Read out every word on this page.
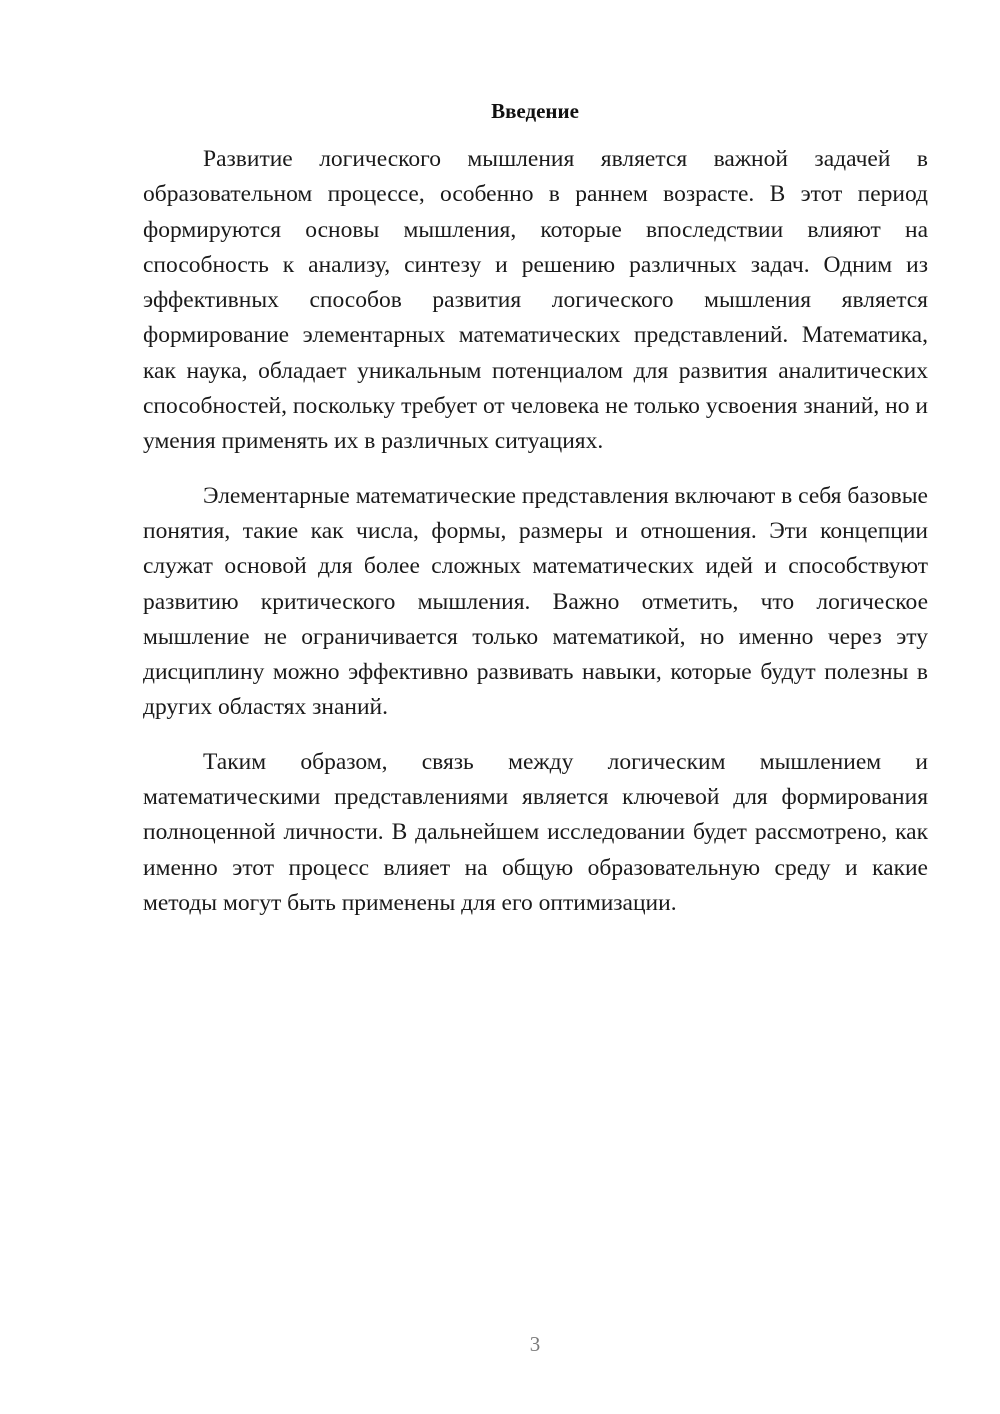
Введение

Развитие логического мышления является важной задачей в образовательном процессе, особенно в раннем возрасте. В этот период формируются основы мышления, которые впоследствии влияют на способность к анализу, синтезу и решению различных задач. Одним из эффективных способов развития логического мышления является формирование элементарных математических представлений. Математика, как наука, обладает уникальным потенциалом для развития аналитических способностей, поскольку требует от человека не только усвоения знаний, но и умения применять их в различных ситуациях.

Элементарные математические представления включают в себя базовые понятия, такие как числа, формы, размеры и отношения. Эти концепции служат основой для более сложных математических идей и способствуют развитию критического мышления. Важно отметить, что логическое мышление не ограничивается только математикой, но именно через эту дисциплину можно эффективно развивать навыки, которые будут полезны в других областях знаний.

Таким образом, связь между логическим мышлением и математическими представлениями является ключевой для формирования полноценной личности. В дальнейшем исследовании будет рассмотрено, как именно этот процесс влияет на общую образовательную среду и какие методы могут быть применены для его оптимизации.

3
